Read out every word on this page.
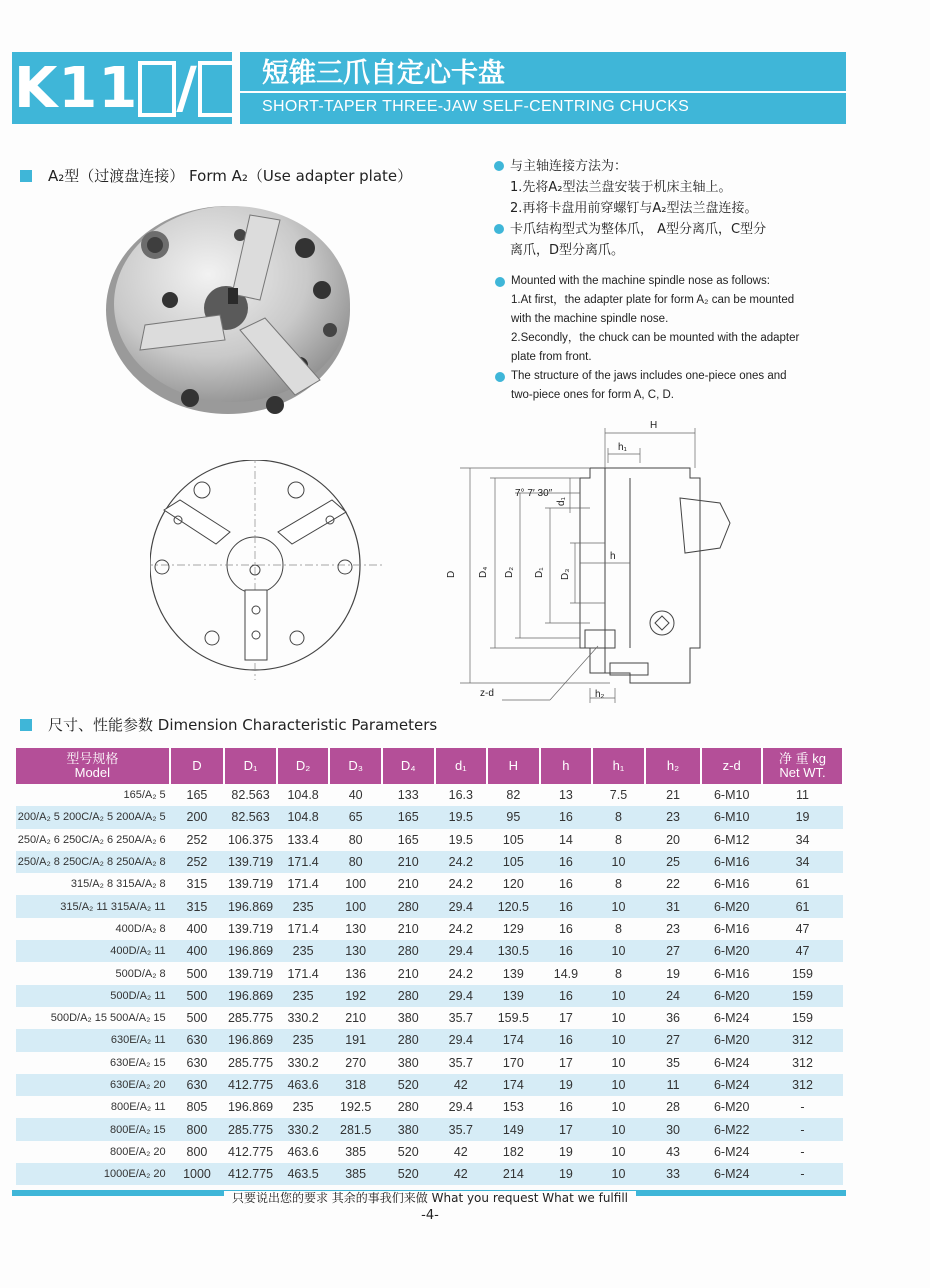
K11 /	短锥三爪自定心卡盘
SHORT-TAPER THREE-JAW SELF-CENTRING CHUCKS
A₂型（过渡盘连接） Form A₂（Use adapter plate）
H
h₁
h
h₂
7° 7′ 30″
z-d
D D₄ D₂ D₁ D₃
d₁
与主轴连接方法为：
1.先将A₂型法兰盘安装于机床主轴上。
2.再将卡盘用前穿螺钉与A₂型法兰盘连接。
卡爪结构型式为整体爪， A型分离爪，C型分
离爪，D型分离爪。
Mounted with the machine spindle nose as follows:
1.At first，the adapter plate for form A₂ can be mounted
with the machine spindle nose.
2.Secondly，the chuck can be mounted with the adapter
plate from front.
The structure of the jaws includes one-piece ones and
two-piece ones for form A, C, D.
尺寸、性能参数 Dimension Characteristic Parameters
型号规格
Model	D	D₁	D₂	D₃	D₄	d₁	H	h	h₁	h₂	z-d	净 重 kg
Net WT.
165/A₂ 5	165	82.563	104.8	40	133	16.3	82	13	7.5	21	6-M10	11
200/A₂ 5 200C/A₂ 5 200A/A₂ 5	200	82.563	104.8	65	165	19.5	95	16	8	23	6-M10	19
250/A₂ 6 250C/A₂ 6 250A/A₂ 6	252	106.375	133.4	80	165	19.5	105	14	8	20	6-M12	34
250/A₂ 8 250C/A₂ 8 250A/A₂ 8	252	139.719	171.4	80	210	24.2	105	16	10	25	6-M16	34
315/A₂ 8 315A/A₂ 8	315	139.719	171.4	100	210	24.2	120	16	8	22	6-M16	61
315/A₂ 11 315A/A₂ 11	315	196.869	235	100	280	29.4	120.5	16	10	31	6-M20	61
400D/A₂ 8	400	139.719	171.4	130	210	24.2	129	16	8	23	6-M16	47
400D/A₂ 11	400	196.869	235	130	280	29.4	130.5	16	10	27	6-M20	47
500D/A₂ 8	500	139.719	171.4	136	210	24.2	139	14.9	8	19	6-M16	159
500D/A₂ 11	500	196.869	235	192	280	29.4	139	16	10	24	6-M20	159
500D/A₂ 15 500A/A₂ 15	500	285.775	330.2	210	380	35.7	159.5	17	10	36	6-M24	159
630E/A₂ 11	630	196.869	235	191	280	29.4	174	16	10	27	6-M20	312
630E/A₂ 15	630	285.775	330.2	270	380	35.7	170	17	10	35	6-M24	312
630E/A₂ 20	630	412.775	463.6	318	520	42	174	19	10	11	6-M24	312
800E/A₂ 11	805	196.869	235	192.5	280	29.4	153	16	10	28	6-M20	-
800E/A₂ 15	800	285.775	330.2	281.5	380	35.7	149	17	10	30	6-M22	-
800E/A₂ 20	800	412.775	463.6	385	520	42	182	19	10	43	6-M24	-
1000E/A₂ 20	1000	412.775	463.5	385	520	42	214	19	10	33	6-M24	-
只要说出您的要求 其余的事我们来做 What you request What we fulfill
-4-
